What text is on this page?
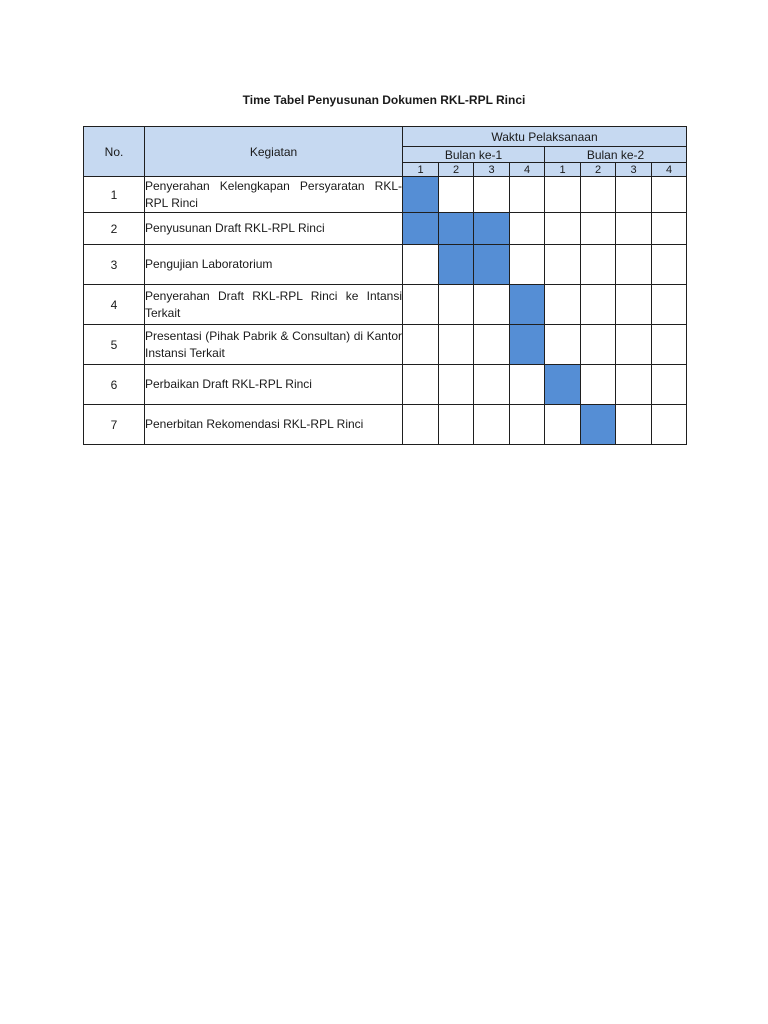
Time Tabel Penyusunan Dokumen RKL-RPL Rinci
No.	Kegiatan	Waktu Pelaksanaan							
		Bulan ke-1				Bulan ke-2			
		1	2	3	4	1	2	3	4
1	Penyerahan Kelengkapan Persyaratan RKL-RPL Rinci								
2	Penyusunan Draft RKL-RPL Rinci								
3	Pengujian Laboratorium								
4	Penyerahan Draft RKL-RPL Rinci ke Intansi Terkait								
5	Presentasi (Pihak Pabrik & Consultan) di Kantor Instansi Terkait								
6	Perbaikan Draft RKL-RPL Rinci								
7	Penerbitan Rekomendasi RKL-RPL Rinci								
